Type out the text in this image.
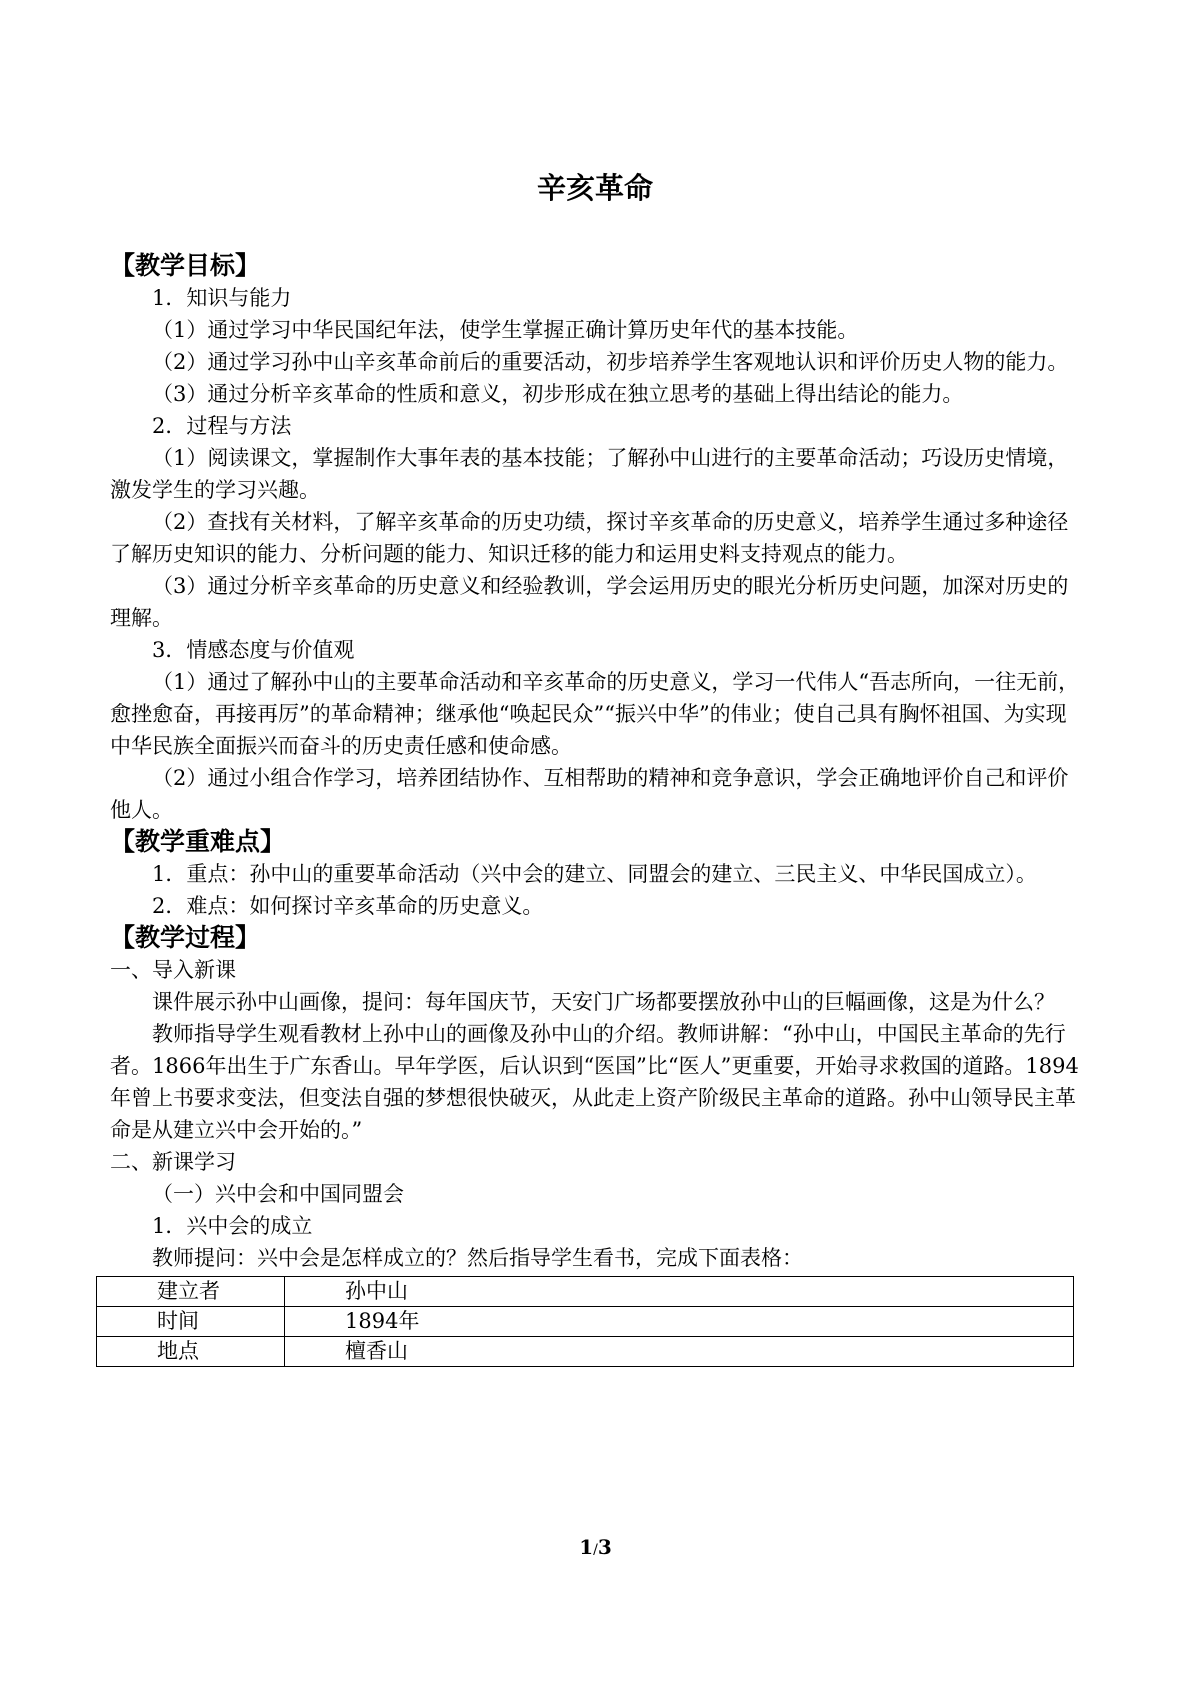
辛亥革命

【教学目标】

1．知识与能力

（1）通过学习中华民国纪年法，使学生掌握正确计算历史年代的基本技能。

（2）通过学习孙中山辛亥革命前后的重要活动，初步培养学生客观地认识和评价历史人物的能力。

（3）通过分析辛亥革命的性质和意义，初步形成在独立思考的基础上得出结论的能力。

2．过程与方法

（1）阅读课文，掌握制作大事年表的基本技能；了解孙中山进行的主要革命活动；巧设历史情境，激发学生的学习兴趣。

（2）查找有关材料，了解辛亥革命的历史功绩，探讨辛亥革命的历史意义，培养学生通过多种途径了解历史知识的能力、分析问题的能力、知识迁移的能力和运用史料支持观点的能力。

（3）通过分析辛亥革命的历史意义和经验教训，学会运用历史的眼光分析历史问题，加深对历史的理解。

3．情感态度与价值观

（1）通过了解孙中山的主要革命活动和辛亥革命的历史意义，学习一代伟人“吾志所向，一往无前，愈挫愈奋，再接再厉”的革命精神；继承他“唤起民众”“振兴中华”的伟业；使自己具有胸怀祖国、为实现中华民族全面振兴而奋斗的历史责任感和使命感。

（2）通过小组合作学习，培养团结协作、互相帮助的精神和竞争意识，学会正确地评价自己和评价他人。

【教学重难点】

1．重点：孙中山的重要革命活动（兴中会的建立、同盟会的建立、三民主义、中华民国成立）。

2．难点：如何探讨辛亥革命的历史意义。

【教学过程】

一、导入新课

课件展示孙中山画像，提问：每年国庆节，天安门广场都要摆放孙中山的巨幅画像，这是为什么？

教师指导学生观看教材上孙中山的画像及孙中山的介绍。教师讲解：“孙中山，中国民主革命的先行者。1866年出生于广东香山。早年学医，后认识到“医国”比“医人”更重要，开始寻求救国的道路。1894年曾上书要求变法，但变法自强的梦想很快破灭，从此走上资产阶级民主革命的道路。孙中山领导民主革命是从建立兴中会开始的。”

二、新课学习

（一）兴中会和中国同盟会

1．兴中会的成立

教师提问：兴中会是怎样成立的？然后指导学生看书，完成下面表格：

建立者	孙中山
时间	1894年
地点	檀香山
1/3
